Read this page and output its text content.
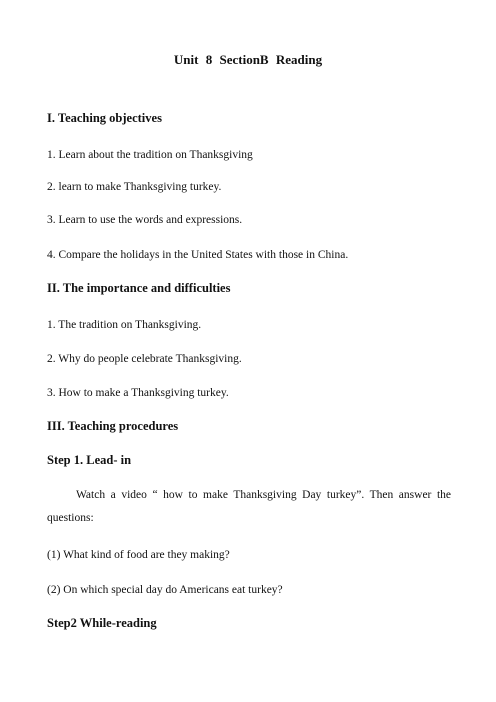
Unit 8 SectionB Reading
I. Teaching objectives
1. Learn about the tradition on Thanksgiving
2. learn to make Thanksgiving turkey.
3. Learn to use the words and expressions.
4. Compare the holidays in the United States with those in China.
II. The importance and difficulties
1. The tradition on Thanksgiving.
2. Why do people celebrate Thanksgiving.
3. How to make a Thanksgiving turkey.
III. Teaching procedures
Step 1. Lead- in
Watch a video “ how to make Thanksgiving Day turkey”. Then answer the questions:
(1) What kind of food are they making?
(2) On which special day do Americans eat turkey?
Step2 While-reading
